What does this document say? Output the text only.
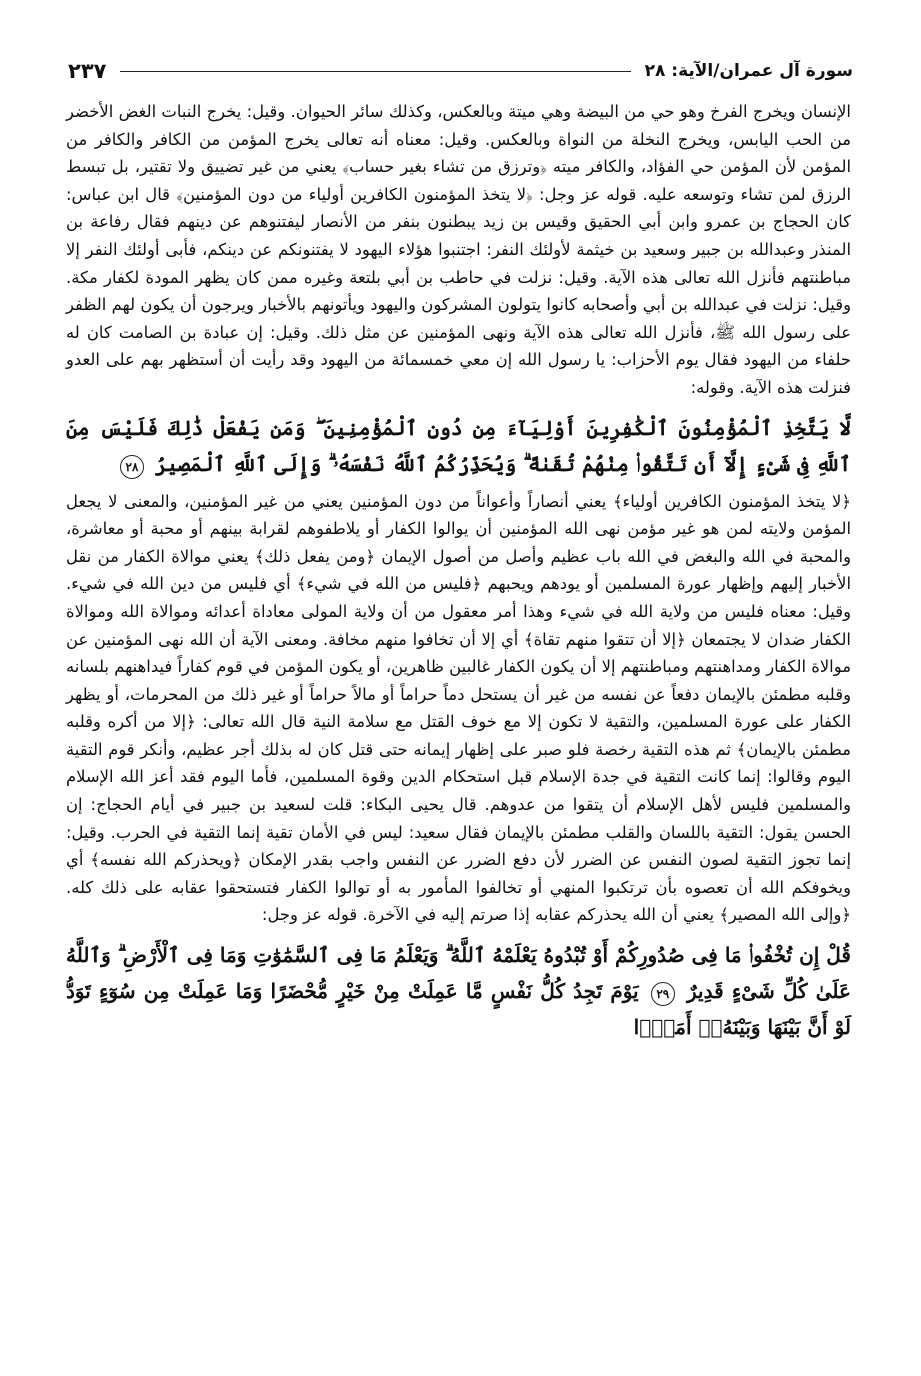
سورة آل عمران/الآية: ٢٨
٢٣٧

الإنسان ويخرج الفرخ وهو حي من البيضة وهي ميتة وبالعكس، وكذلك سائر الحيوان. وقيل: يخرج النبات الغض الأخضر من الحب اليابس، ويخرج النخلة من النواة وبالعكس. وقيل: معناه أنه تعالى يخرج المؤمن من الكافر والكافر من المؤمن لأن المؤمن حي الفؤاد، والكافر ميته ﴿وترزق من تشاء بغير حساب﴾ يعني من غير تضييق ولا تقتير، بل تبسط الرزق لمن تشاء وتوسعه عليه. قوله عز وجل: ﴿لا يتخذ المؤمنون الكافرين أولياء من دون المؤمنين﴾ قال ابن عباس: كان الحجاج بن عمرو وابن أبي الحقيق وقيس بن زيد يبطنون بنفر من الأنصار ليفتنوهم عن دينهم فقال رفاعة بن المنذر وعبدالله بن جبير وسعيد بن خيثمة لأولئك النفر: اجتنبوا هؤلاء اليهود لا يفتنونكم عن دينكم، فأبى أولئك النفر إلا مباطنتهم فأنزل الله تعالى هذه الآية. وقيل: نزلت في حاطب بن أبي بلتعة وغيره ممن كان يظهر المودة لكفار مكة. وقيل: نزلت في عبدالله بن أبي وأصحابه كانوا يتولون المشركون واليهود ويأتونهم بالأخبار ويرجون أن يكون لهم الظفر على رسول الله ﷺ، فأنزل الله تعالى هذه الآية ونهى المؤمنين عن مثل ذلك. وقيل: إن عبادة بن الصامت كان له حلفاء من اليهود فقال يوم الأحزاب: يا رسول الله إن معي خمسمائة من اليهود وقد رأيت أن أستظهر بهم على العدو فنزلت هذه الآية. وقوله:

لَّا يَتَّخِذِ ٱلْمُؤْمِنُونَ ٱلْكَٰفِرِينَ أَوْلِيَآءَ مِن دُونِ ٱلْمُؤْمِنِينَ ۖ وَمَن يَفْعَلْ ذَٰلِكَ فَلَيْسَ مِنَ ٱللَّهِ فِى شَىْءٍ إِلَّآ أَن تَتَّقُوا۟ مِنْهُمْ تُقَىٰةً ۗ وَيُحَذِّرُكُمُ ٱللَّهُ نَفْسَهُۥ ۗ وَإِلَى ٱللَّهِ ٱلْمَصِيرُ ٢٨

﴿لا يتخذ المؤمنون الكافرين أولياء﴾ يعني أنصاراً وأعواناً من دون المؤمنين يعني من غير المؤمنين، والمعنى لا يجعل المؤمن ولايته لمن هو غير مؤمن نهى الله المؤمنين أن يوالوا الكفار أو يلاطفوهم لقرابة بينهم أو محبة أو معاشرة، والمحبة في الله والبغض في الله باب عظيم وأصل من أصول الإيمان ﴿ومن يفعل ذلك﴾ يعني موالاة الكفار من نقل الأخبار إليهم وإظهار عورة المسلمين أو يودهم ويحبهم ﴿فليس من الله في شيء﴾ أي فليس من دين الله في شيء. وقيل: معناه فليس من ولاية الله في شيء وهذا أمر معقول من أن ولاية المولى معاداة أعدائه وموالاة الله وموالاة الكفار ضدان لا يجتمعان ﴿إلا أن تتقوا منهم تقاة﴾ أي إلا أن تخافوا منهم مخافة. ومعنى الآية أن الله نهى المؤمنين عن موالاة الكفار ومداهنتهم ومباطنتهم إلا أن يكون الكفار غالبين ظاهرين، أو يكون المؤمن في قوم كفاراً فيداهنهم بلسانه وقلبه مطمئن بالإيمان دفعاً عن نفسه من غير أن يستحل دماً حراماً أو مالاً حراماً أو غير ذلك من المحرمات، أو يظهر الكفار على عورة المسلمين، والتقية لا تكون إلا مع خوف القتل مع سلامة النية قال الله تعالى: ﴿إلا من أكره وقلبه مطمئن بالإيمان﴾ ثم هذه التقية رخصة فلو صبر على إظهار إيمانه حتى قتل كان له بذلك أجر عظيم، وأنكر قوم التقية اليوم وقالوا: إنما كانت التقية في جدة الإسلام قبل استحكام الدين وقوة المسلمين، فأما اليوم فقد أعز الله الإسلام والمسلمين فليس لأهل الإسلام أن يتقوا من عدوهم. قال يحيى البكاء: قلت لسعيد بن جبير في أيام الحجاج: إن الحسن يقول: التقية باللسان والقلب مطمئن بالإيمان فقال سعيد: ليس في الأمان تقية إنما التقية في الحرب. وقيل: إنما تجوز التقية لصون النفس عن الضرر لأن دفع الضرر عن النفس واجب بقدر الإمكان ﴿ويحذركم الله نفسه﴾ أي ويخوفكم الله أن تعصوه بأن ترتكبوا المنهي أو تخالفوا المأمور به أو توالوا الكفار فتستحقوا عقابه على ذلك كله. ﴿وإلى الله المصير﴾ يعني أن الله يحذركم عقابه إذا صرتم إليه في الآخرة. قوله عز وجل:

قُلْ إِن تُخْفُوا۟ مَا فِى صُدُورِكُمْ أَوْ تُبْدُوهُ يَعْلَمْهُ ٱللَّهُ ۗ وَيَعْلَمُ مَا فِى ٱلسَّمَٰوَٰتِ وَمَا فِى ٱلْأَرْضِ ۗ وَٱللَّهُ عَلَىٰ كُلِّ شَىْءٍ قَدِيرٌ ٢٩ يَوْمَ تَجِدُ كُلُّ نَفْسٍ مَّا عَمِلَتْ مِنْ خَيْرٍ مُّحْضَرًا وَمَا عَمِلَتْ مِن سُوٓءٍ تَوَدُّ لَوْ أَنَّ بَيْنَهَا وَبَيْنَهُۥٓ أَمَدًۢا
